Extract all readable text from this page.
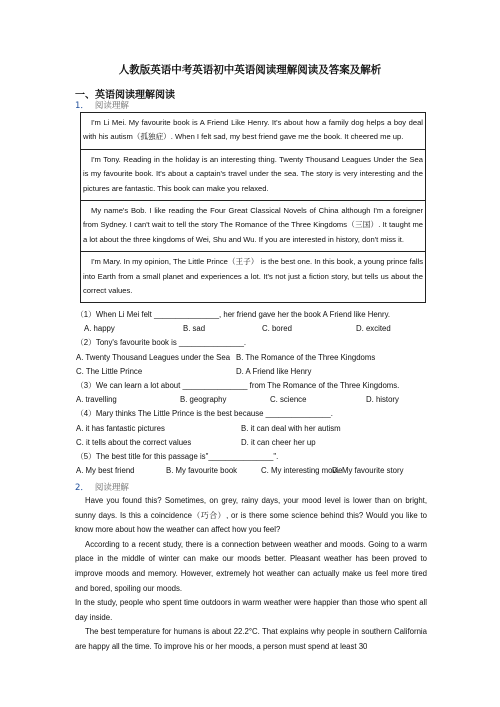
人教版英语中考英语初中英语阅读理解阅读及答案及解析
一、英语阅读理解阅读
1． 阅读理解
I'm Li Mei. My favourite book is A Friend Like Henry. It's about how a family dog helps a boy deal with his autism（孤独症）. When I felt sad, my best friend gave me the book. It cheered me up.
I'm Tony. Reading in the holiday is an interesting thing. Twenty Thousand Leagues Under the Sea is my favourite book. It's about a captain's travel under the sea. The story is very interesting and the pictures are fantastic. This book can make you relaxed.
My name's Bob. I like reading the Four Great Classical Novels of China although I'm a foreigner from Sydney. I can't wait to tell the story The Romance of the Three Kingdoms（三国）. It taught me a lot about the three kingdoms of Wei, Shu and Wu. If you are interested in history, don't miss it.
I'm Mary. In my opinion, The Little Prince（王子） is the best one. In this book, a young prince falls into Earth from a small planet and experiences a lot. It's not just a fiction story, but tells us about the correct values.
（1）When Li Mei felt _______________, her friend gave her the book A Friend like Henry.
A. happy	B. sad	C. bored	D. excited
（2）Tony's favourite book is _______________.
A. Twenty Thousand Leagues under the Sea B. The Romance of the Three Kingdoms
C. The Little Prince	D. A Friend like Henry
（3）We can learn a lot about _______________ from The Romance of the Three Kingdoms.
A. travelling	B. geography	C. science	D. history
（4）Mary thinks The Little Prince is the best because _______________.
A. it has fantastic pictures	B. it can deal with her autism
C. it tells about the correct values	D. it can cheer her up
（5）The best title for this passage is"_______________".
A. My best friend	B. My favourite book	C. My interesting movie
D. My favourite story
2． 阅读理解

Have you found this? Sometimes, on grey, rainy days, your mood level is lower than on bright, sunny days. Is this a coincidence（巧合）, or is there some science behind this? Would you like to know more about how the weather can affect how you feel?

According to a recent study, there is a connection between weather and moods. Going to a warm place in the middle of winter can make our moods better. Pleasant weather has been proved to improve moods and memory. However, extremely hot weather can actually make us feel more tired and bored, spoiling our moods.

In the study, people who spent time outdoors in warm weather were happier than those who spent all day inside.

The best temperature for humans is about 22.2°C. That explains why people in southern California are happy all the time. To improve his or her moods, a person must spend at least 30
